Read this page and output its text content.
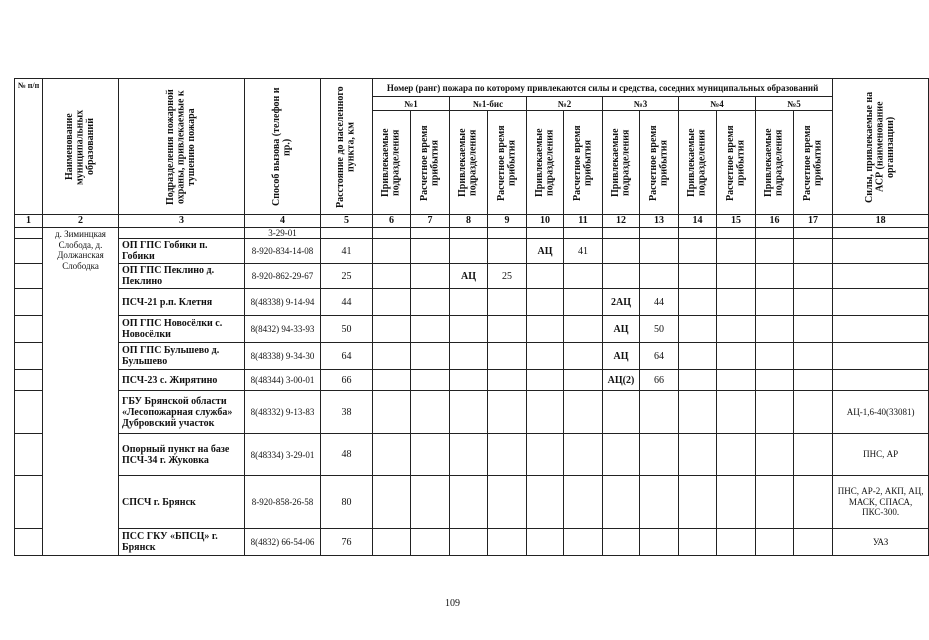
№ п/п	Наименование муниципальных образований	Подразделения пожарной охраны, привлекаемые к тушению пожара	Способ вызова (телефон и пр.)	Расстояние до населенного пункта, км	Номер (ранг) пожара по которому привлекаются силы и средства, соседних муниципальных образований												Силы, привлекаемые на АСР (наименование организации)

					№1		№1-бис		№2		№3		№4		№5		

					Привлекаемые подразделения	Расчетное время прибытия	Привлекаемые подразделения	Расчетное время прибытия	Привлекаемые подразделения	Расчетное время прибытия	Привлекаемые подразделения	Расчетное время прибытия	Привлекаемые подразделения	Расчетное время прибытия	Привлекаемые подразделения	Расчетное время прибытия	

1	2	3	4	5	6	7	8	9	10	11	12	13	14	15	16	17	18
	д. Зиминцкая Слобода, д. Должанская Слободка		3-29-01														
		ОП ГПС Гобики п. Гобики	8-920-834-14-08	41					АЦ	41							
		ОП ГПС Пеклино д. Пеклино	8-920-862-29-67	25			АЦ	25									
		ПСЧ-21 р.п. Клетня	8(48338) 9-14-94	44							2АЦ	44					
		ОП ГПС Новосёлки с. Новосёлки	8(8432) 94-33-93	50							АЦ	50					
		ОП ГПС Бульшево д. Бульшево	8(48338) 9-34-30	64							АЦ	64					
		ПСЧ-23 с. Жирятино	8(48344) 3-00-01	66							АЦ(2)	66					
		ГБУ Брянской области «Лесопожарная служба» Дубровский участок	8(48332) 9-13-83	38													АЦ-1,6-40(33081)
		Опорный пункт на базе ПСЧ-34 г. Жуковка	8(48334) 3-29-01	48													ПНС, АР
		СПСЧ г. Брянск	8-920-858-26-58	80													ПНС, АР-2, АКП, АЦ, МАСК, СПАСА, ПКС-300.
		ПСС ГКУ «БПСЦ» г. Брянск	8(4832) 66-54-06	76													УАЗ
109
